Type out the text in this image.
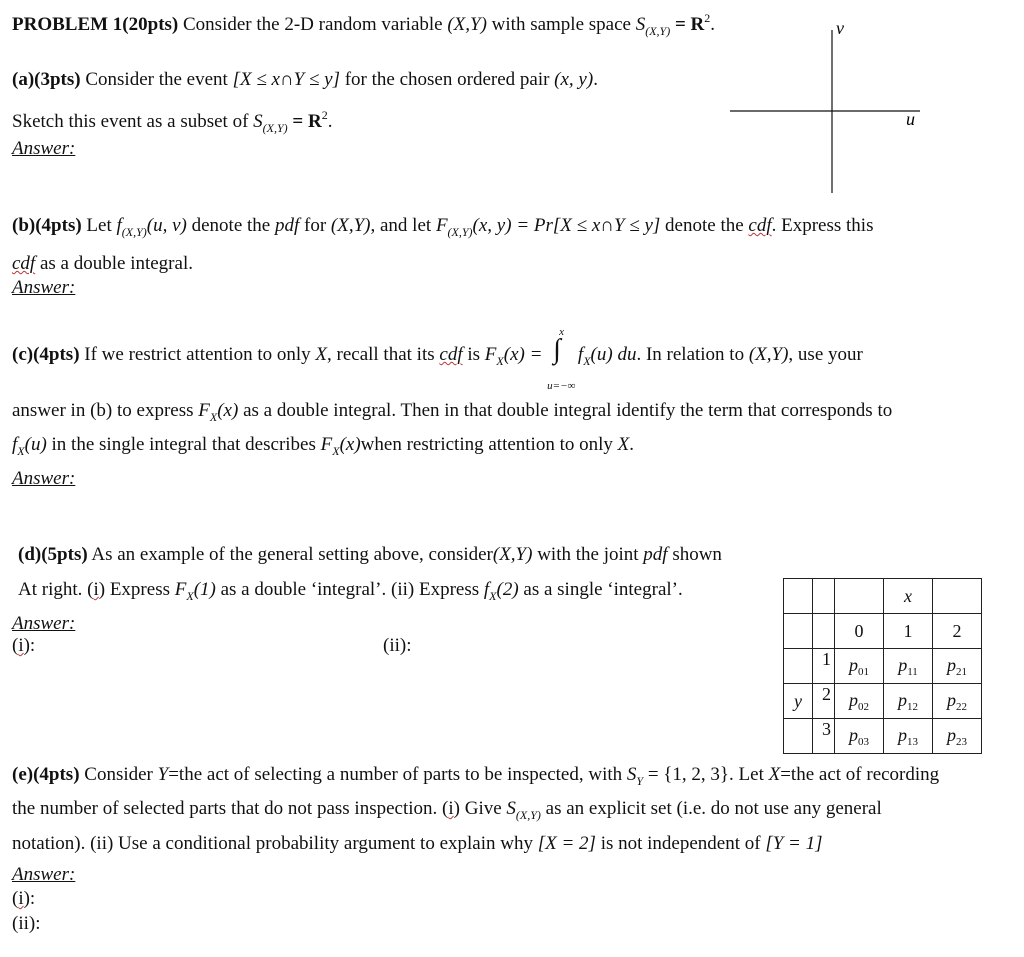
PROBLEM 1(20pts) Consider the 2-D random variable (X,Y) with sample space $S_{(X,Y)} = R^2$.
(a)(3pts) Consider the event [X ≤ x∩Y ≤ y] for the chosen ordered pair (x, y).
Sketch this event as a subset of $S_{(X,Y)} = R^2$.
Answer:
v
u
(b)(4pts) Let $f_{(X,Y)}(u$, v) denote the pdf for (X,Y), and let $F_{(X,Y)}(x$, y) = Pr[X ≤ x∩Y ≤ y] denote the cdf. Express this
cdf as a double integral.
Answer:
(c)(4pts) If we restrict attention to only X, recall that its cdf is $F_X(x)$ =
x
∫
u=−∞
$f_X(u)$ du. In relation to (X,Y), use your
answer in (b) to express $F_X(x)$ as a double integral. Then in that double integral identify the term that corresponds to
$f_X(u)$ in the single integral that describes $F_X(x)when$ restricting attention to only X.
Answer:
(d)(5pts) As an example of the general setting above, consider(X,Y) with the joint pdf shown
At right. (i) Express $F_X(1)$ as a double ‘integral’. (ii) Express $f_X(2)$ as a single ‘integral’.
Answer:
(i):	(ii):
			x	
		0	1	2
	1	$p_{01}$	$p_{11}$	$p_{21}$
y	2	$p_{02}$	$p_{12}$	$p_{22}$
	3	$p_{03}$	$p_{13}$	$p_{23}$
(e)(4pts) Consider Y=the act of selecting a number of parts to be inspected, with $S_Y = \{1$, 2, 3}. Let X=the act of recording
the number of selected parts that do not pass inspection. (i) Give $S_{(X,Y)}$ as an explicit set (i.e. do not use any general
notation). (ii) Use a conditional probability argument to explain why [X = 2] is not independent of [Y = 1]
Answer:
(i):
(ii):
